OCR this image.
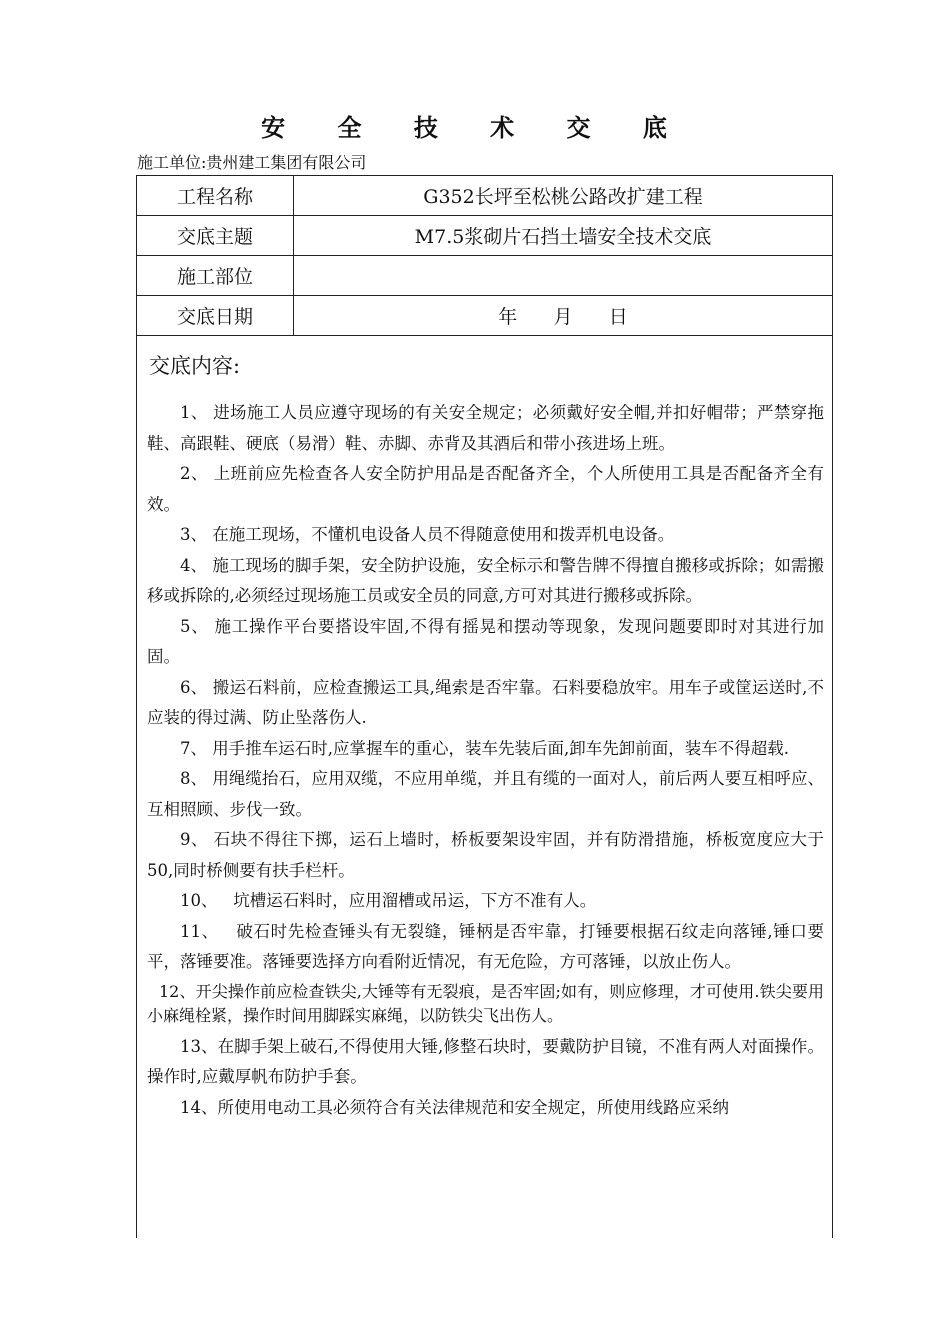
安 全 技 术 交 底
施工单位:贵州建工集团有限公司
工程名称	G352长坪至松桃公路改扩建工程
交底主题	M7.5浆砌片石挡土墙安全技术交底
施工部位	
交底日期	年      月      日
交底内容:

1、 进场施工人员应遵守现场的有关安全规定；必须戴好安全帽,并扣好帽带；严禁穿拖鞋、高跟鞋、硬底（易滑）鞋、赤脚、赤背及其酒后和带小孩进场上班。

2、 上班前应先检查各人安全防护用品是否配备齐全，个人所使用工具是否配备齐全有效。

3、 在施工现场，不懂机电设备人员不得随意使用和拨弄机电设备。

4、 施工现场的脚手架，安全防护设施，安全标示和警告牌不得擅自搬移或拆除；如需搬移或拆除的,必须经过现场施工员或安全员的同意,方可对其进行搬移或拆除。

5、 施工操作平台要搭设牢固,不得有摇晃和摆动等现象，发现问题要即时对其进行加固。

6、 搬运石料前，应检查搬运工具,绳索是否牢靠。石料要稳放牢。用车子或筐运送时,不应装的得过满、防止坠落伤人.

7、 用手推车运石时,应掌握车的重心，装车先装后面,卸车先卸前面，装车不得超载.

8、 用绳缆抬石，应用双缆，不应用单缆，并且有缆的一面对人，前后两人要互相呼应、互相照顾、步伐一致。

9、 石块不得往下掷，运石上墙时，桥板要架设牢固，并有防滑措施，桥板宽度应大于50,同时桥侧要有扶手栏杆。

10、   坑槽运石料时，应用溜槽或吊运，下方不准有人。

11、   破石时先检查锤头有无裂缝，锤柄是否牢靠，打锤要根据石纹走向落锤,锤口要平，落锤要准。落锤要选择方向看附近情况，有无危险，方可落锤，以放止伤人。

12、开尖操作前应检查铁尖,大锤等有无裂痕，是否牢固;如有，则应修理，才可使用.铁尖要用小麻绳栓紧，操作时间用脚踩实麻绳，以防铁尖飞出伤人。

13、在脚手架上破石,不得使用大锤,修整石块时，要戴防护目镜，不准有两人对面操作。操作时,应戴厚帆布防护手套。

14、所使用电动工具必须符合有关法律规范和安全规定，所使用线路应采纳
